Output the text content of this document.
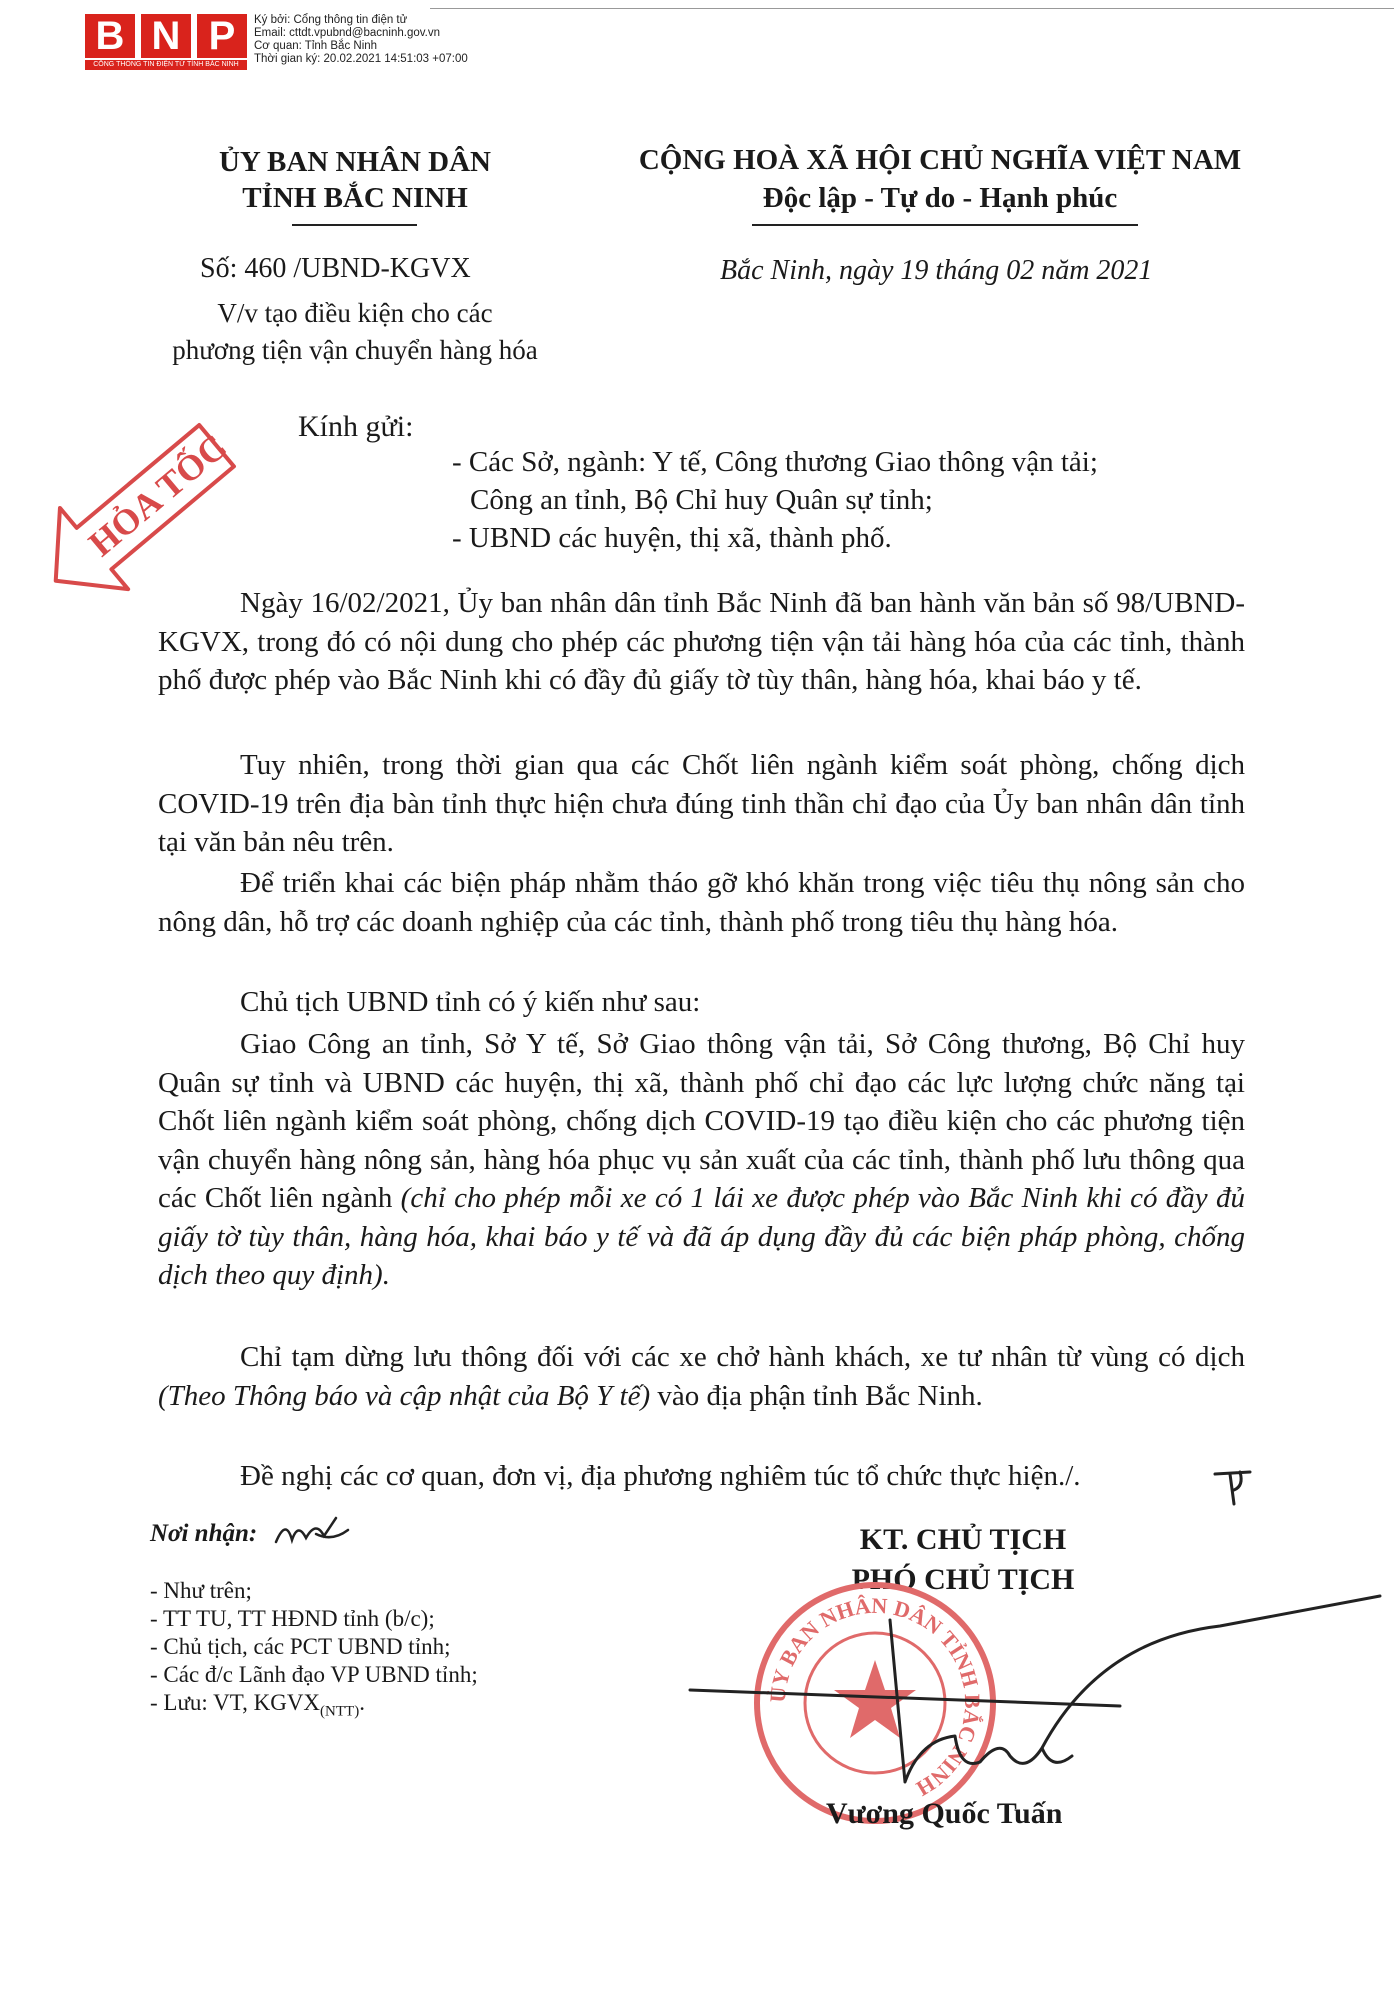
B N P
CỔNG THÔNG TIN ĐIỆN TỬ TỈNH BẮC NINH
Ký bởi: Cổng thông tin điện tử
Email: cttdt.vpubnd@bacninh.gov.vn
Cơ quan: Tỉnh Bắc Ninh
Thời gian ký: 20.02.2021 14:51:03 +07:00
ỦY BAN NHÂN DÂN
TỈNH BẮC NINH
CỘNG HOÀ XÃ HỘI CHỦ NGHĨA VIỆT NAM
Độc lập - Tự do - Hạnh phúc
Số: 460 /UBND-KGVX
V/v tạo điều kiện cho các
phương tiện vận chuyển hàng hóa
Bắc Ninh, ngày 19 tháng 02 năm 2021
HỎA TỐC Kính gửi:
- Các Sở, ngành: Y tế, Công thương Giao thông vận tải;
Công an tỉnh, Bộ Chỉ huy Quân sự tỉnh;
- UBND các huyện, thị xã, thành phố.
Ngày 16/02/2021, Ủy ban nhân dân tỉnh Bắc Ninh đã ban hành văn bản số 98/UBND-KGVX, trong đó có nội dung cho phép các phương tiện vận tải hàng hóa của các tỉnh, thành phố được phép vào Bắc Ninh khi có đầy đủ giấy tờ tùy thân, hàng hóa, khai báo y tế.
Tuy nhiên, trong thời gian qua các Chốt liên ngành kiểm soát phòng, chống dịch COVID-19 trên địa bàn tỉnh thực hiện chưa đúng tinh thần chỉ đạo của Ủy ban nhân dân tỉnh tại văn bản nêu trên.
Để triển khai các biện pháp nhằm tháo gỡ khó khăn trong việc tiêu thụ nông sản cho nông dân, hỗ trợ các doanh nghiệp của các tỉnh, thành phố trong tiêu thụ hàng hóa.
Chủ tịch UBND tỉnh có ý kiến như sau:
Giao Công an tỉnh, Sở Y tế, Sở Giao thông vận tải, Sở Công thương, Bộ Chỉ huy Quân sự tỉnh và UBND các huyện, thị xã, thành phố chỉ đạo các lực lượng chức năng tại Chốt liên ngành kiểm soát phòng, chống dịch COVID-19 tạo điều kiện cho các phương tiện vận chuyển hàng nông sản, hàng hóa phục vụ sản xuất của các tỉnh, thành phố lưu thông qua các Chốt liên ngành (chỉ cho phép mỗi xe có 1 lái xe được phép vào Bắc Ninh khi có đầy đủ giấy tờ tùy thân, hàng hóa, khai báo y tế và đã áp dụng đầy đủ các biện pháp phòng, chống dịch theo quy định).
Chỉ tạm dừng lưu thông đối với các xe chở hành khách, xe tư nhân từ vùng có dịch (Theo Thông báo và cập nhật của Bộ Y tế) vào địa phận tỉnh Bắc Ninh.
Đề nghị các cơ quan, đơn vị, địa phương nghiêm túc tổ chức thực hiện./.
Nơi nhận:
- Như trên;
- TT TU, TT HĐND tỉnh (b/c);
- Chủ tịch, các PCT UBND tỉnh;
- Các đ/c Lãnh đạo VP UBND tỉnh;
- Lưu: VT, $KGVX_{(NTT)}$.
KT. CHỦ TỊCH
PHÓ CHỦ TỊCH
ỦY BAN NHÂN DÂN TỈNH BẮC NINH
Vương Quốc Tuấn
